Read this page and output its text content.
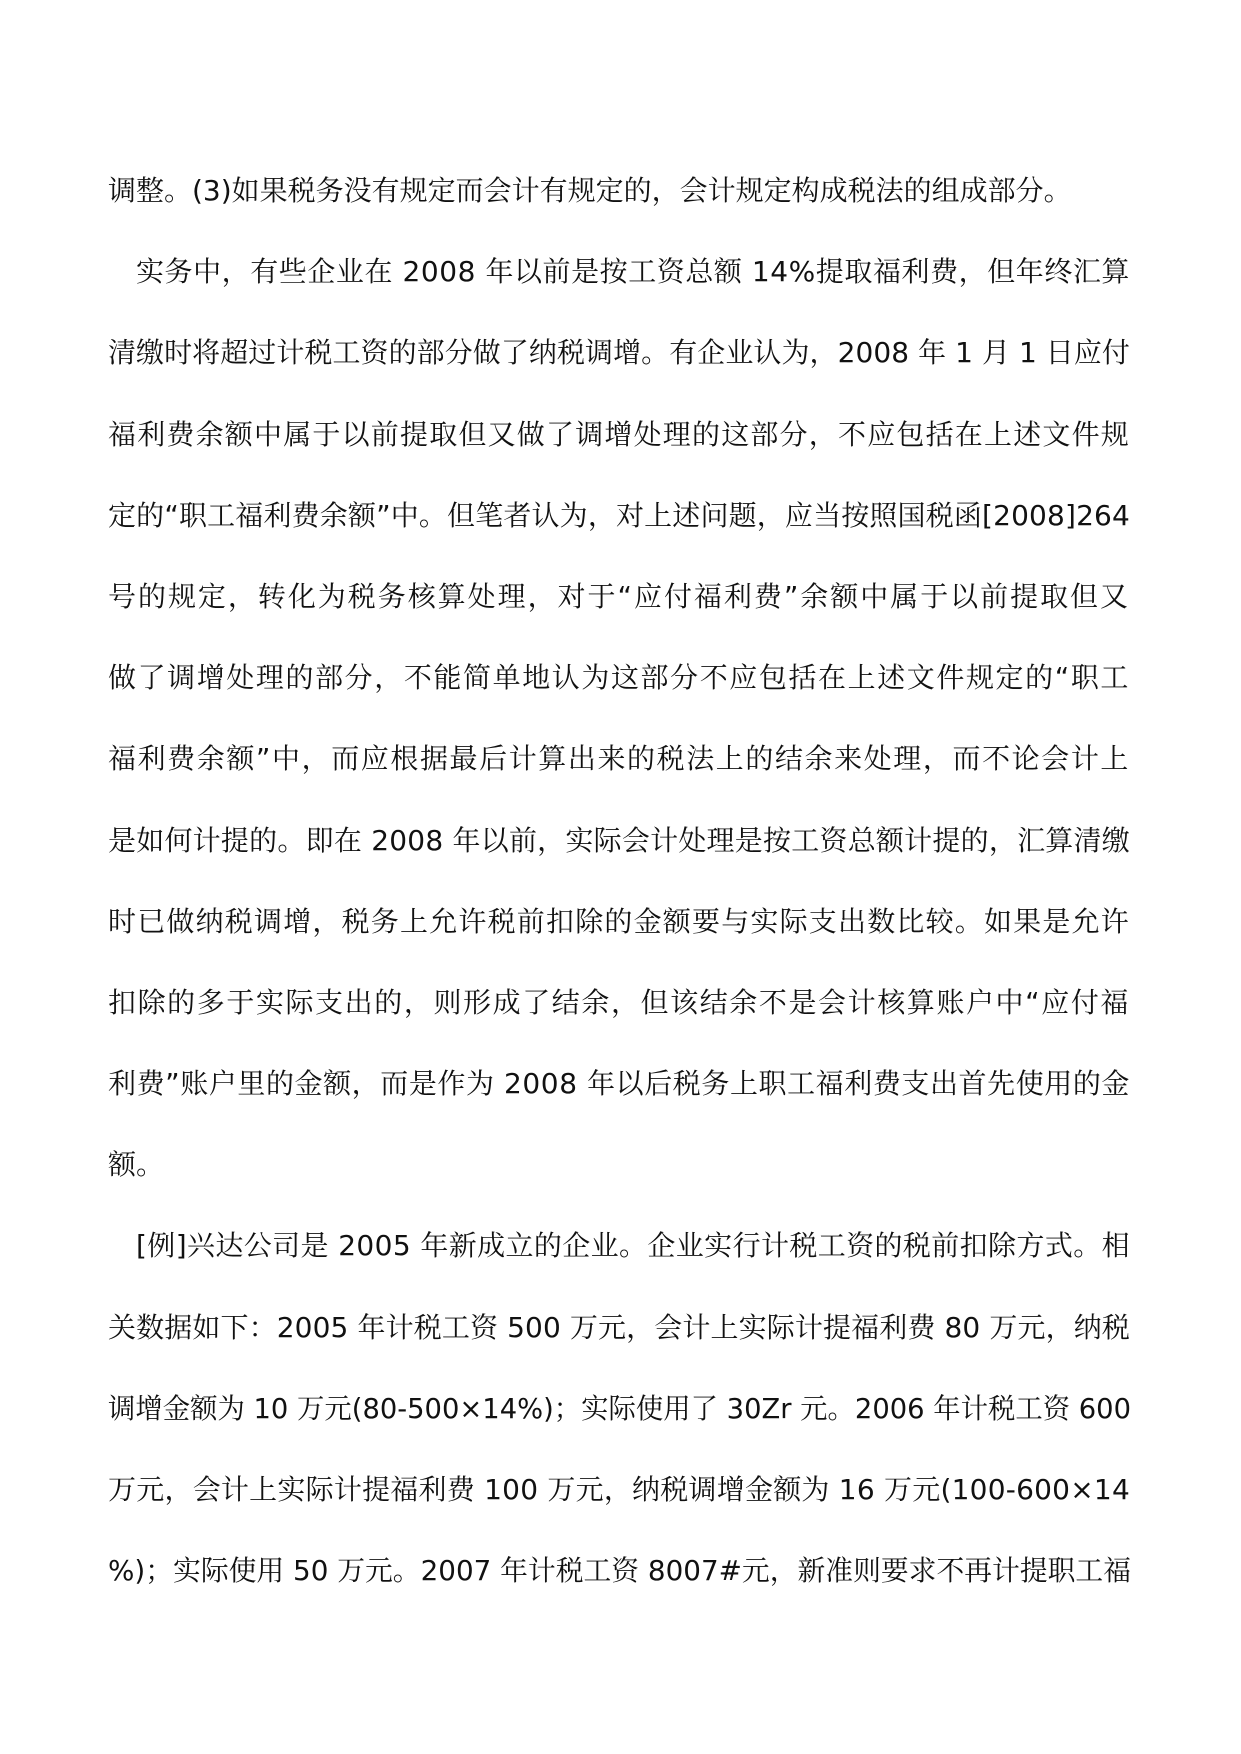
调整。(3)如果税务没有规定而会计有规定的，会计规定构成税法的组成部分。
实务中，有些企业在 2008 年以前是按工资总额 14%提取福利费，但年终汇算
清缴时将超过计税工资的部分做了纳税调增。有企业认为，2008 年 1 月 1 日应付
福利费余额中属于以前提取但又做了调增处理的这部分，不应包括在上述文件规
定的“职工福利费余额”中。但笔者认为，对上述问题，应当按照国税函[2008]264
号的规定，转化为税务核算处理，对于“应付福利费”余额中属于以前提取但又
做了调增处理的部分，不能简单地认为这部分不应包括在上述文件规定的“职工
福利费余额”中，而应根据最后计算出来的税法上的结余来处理，而不论会计上
是如何计提的。即在 2008 年以前，实际会计处理是按工资总额计提的，汇算清缴
时已做纳税调增，税务上允许税前扣除的金额要与实际支出数比较。如果是允许
扣除的多于实际支出的，则形成了结余，但该结余不是会计核算账户中“应付福
利费”账户里的金额，而是作为 2008 年以后税务上职工福利费支出首先使用的金
额。
[例]兴达公司是 2005 年新成立的企业。企业实行计税工资的税前扣除方式。相
关数据如下：2005 年计税工资 500 万元，会计上实际计提福利费 80 万元，纳税
调增金额为 10 万元(80-500×14%)；实际使用了 30Zr 元。2006 年计税工资 600
万元，会计上实际计提福利费 100 万元，纳税调增金额为 16 万元(100-600×14
%)；实际使用 50 万元。2007 年计税工资 8007#元，新准则要求不再计提职工福
